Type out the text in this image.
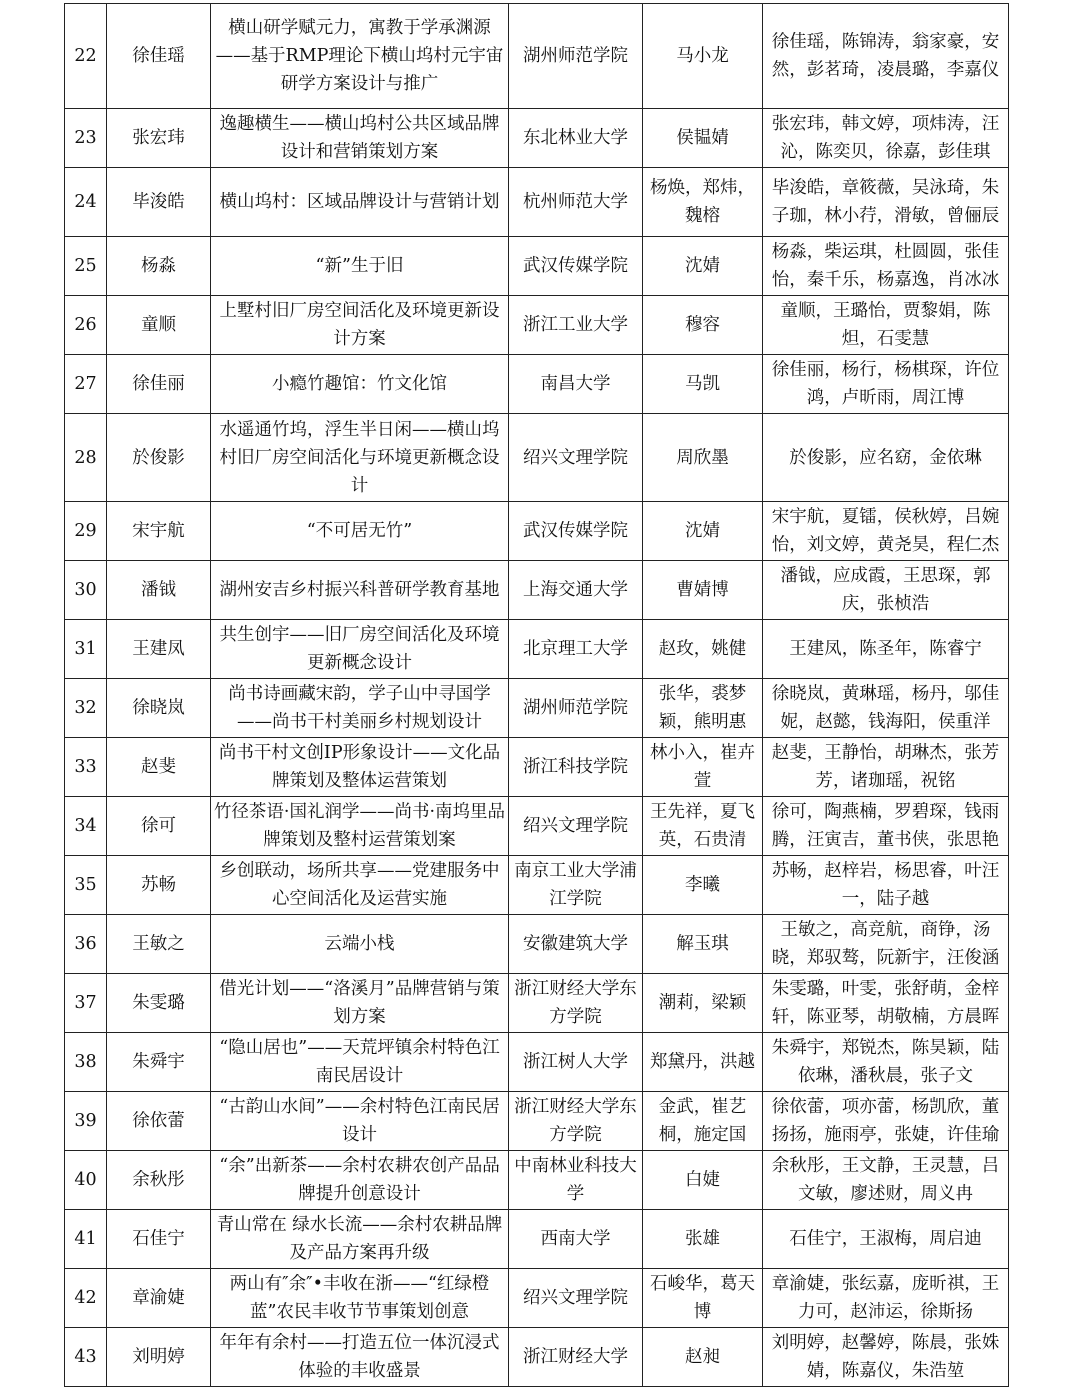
22	徐佳瑶	横山研学赋元力，寓教于学承渊源——基于RMP理论下横山坞村元宇宙研学方案设计与推广	湖州师范学院	马小龙	徐佳瑶，陈锦涛，翁家豪，安然，彭茗琦，凌晨璐，李嘉仪
23	张宏玮	逸趣横生——横山坞村公共区域品牌设计和营销策划方案	东北林业大学	侯韫婧	张宏玮，韩文婷，项炜涛，汪沁，陈奕贝，徐嘉，彭佳琪
24	毕浚皓	横山坞村：区域品牌设计与营销计划	杭州师范大学	杨焕，郑炜，魏榕	毕浚皓，章筱薇，吴泳琦，朱子珈，林小荇，滑敏，曾俪辰
25	杨淼	“新”生于旧	武汉传媒学院	沈婧	杨淼，柴运琪，杜圆圆，张佳怡，秦千乐，杨嘉逸，肖冰冰
26	童顺	上墅村旧厂房空间活化及环境更新设计方案	浙江工业大学	穆容	童顺，王璐怡，贾黎娟，陈炟，石雯慧
27	徐佳丽	小瘾竹趣馆：竹文化馆	南昌大学	马凯	徐佳丽，杨行，杨棋琛，许位鸿，卢昕雨，周江博
28	於俊影	水遥通竹坞，浮生半日闲——横山坞村旧厂房空间活化与环境更新概念设计	绍兴文理学院	周欣墨	於俊影，应名窈，金依琳
29	宋宇航	“不可居无竹”	武汉传媒学院	沈婧	宋宇航，夏镭，侯秋婷，吕婉怡，刘文婷，黄尧昊，程仁杰
30	潘钺	湖州安吉乡村振兴科普研学教育基地	上海交通大学	曹婧博	潘钺，应成霞，王思琛，郭庆，张桢浩
31	王建凤	共生创宇——旧厂房空间活化及环境更新概念设计	北京理工大学	赵玫，姚健	王建凤，陈圣年，陈睿宁
32	徐晓岚	尚书诗画藏宋韵，学子山中寻国学——尚书干村美丽乡村规划设计	湖州师范学院	张华，裘梦颖，熊明惠	徐晓岚，黄琳瑶，杨丹，邬佳妮，赵懿，钱海阳，侯重洋
33	赵斐	尚书干村文创IP形象设计——文化品牌策划及整体运营策划	浙江科技学院	林小入，崔卉萱	赵斐，王静怡，胡琳杰，张芳芳，诸珈瑶，祝铭
34	徐可	竹径茶语·国礼润学——尚书·南坞里品牌策划及整村运营策划案	绍兴文理学院	王先祥，夏飞英，石贵清	徐可，陶燕楠，罗碧琛，钱雨腾，汪寅吉，董书侠，张思艳
35	苏畅	乡创联动，场所共享——党建服务中心空间活化及运营实施	南京工业大学浦江学院	李曦	苏畅，赵梓岩，杨思睿，叶汪一，陆子越
36	王敏之	云端小栈	安徽建筑大学	解玉琪	王敏之，高竞航，商铮，汤晓，郑驭骜，阮新宇，汪俊涵
37	朱雯璐	借光计划——“洛溪月”品牌营销与策划方案	浙江财经大学东方学院	潮莉，梁颖	朱雯璐，叶雯，张舒萌，金梓轩，陈亚琴，胡敬楠，方晨晖
38	朱舜宇	“隐山居也”——天荒坪镇余村特色江南民居设计	浙江树人大学	郑黛丹，洪越	朱舜宇，郑锐杰，陈昊颖，陆依琳，潘秋晨，张子文
39	徐依蕾	“古韵山水间”——余村特色江南民居设计	浙江财经大学东方学院	金武，崔艺桐，施定国	徐依蕾，项亦蕾，杨凯欣，董扬扬，施雨亭，张婕，许佳瑜
40	余秋彤	“余”出新茶——余村农耕农创产品品牌提升创意设计	中南林业科技大学	白婕	余秋彤，王文静，王灵慧，吕文敏，廖述财，周义冉
41	石佳宁	青山常在 绿水长流——余村农耕品牌及产品方案再升级	西南大学	张雄	石佳宁，王淑梅，周启迪
42	章渝婕	两山有″余″•丰收在浙——“红绿橙蓝”农民丰收节节事策划创意	绍兴文理学院	石峻华，葛天博	章渝婕，张纭嘉，庞昕祺，王力可，赵沛运，徐斯扬
43	刘明婷	年年有余村——打造五位一体沉浸式体验的丰收盛景	浙江财经大学	赵昶	刘明婷，赵馨婷，陈晨，张姝婧，陈嘉仪，朱浩堃
